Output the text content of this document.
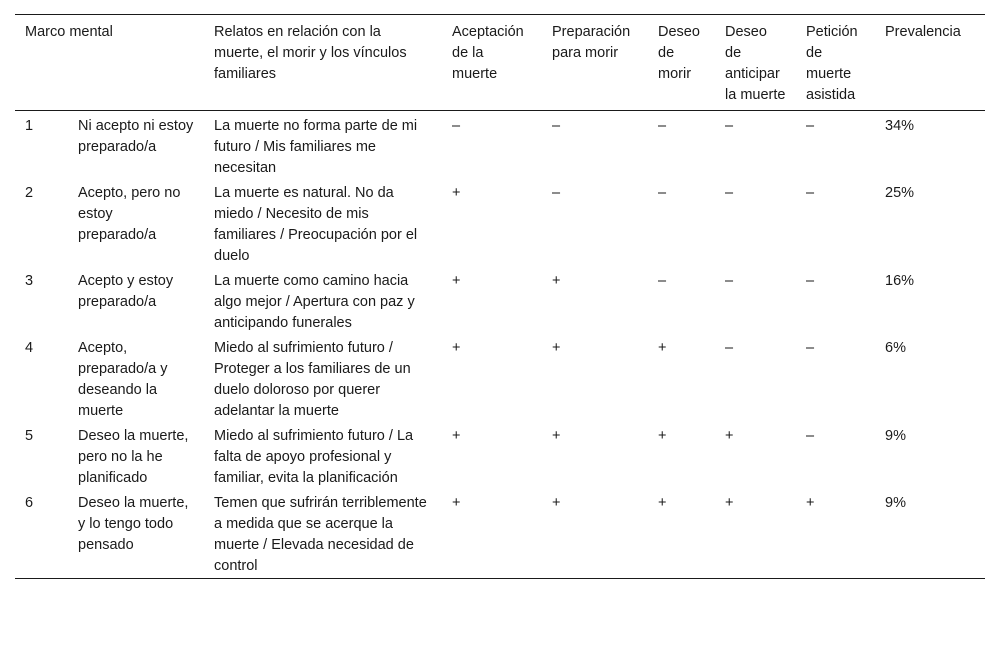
Marco mental		Relatos en relación con la muerte, el morir y los vínculos familiares	Aceptación de la muerte	Preparación para morir	Deseo de morir	Deseo de anticipar la muerte	Petición de muerte asistida	Prevalencia
1	Ni acepto ni estoy preparado/a	La muerte no forma parte de mi futuro / Mis familiares me necesitan	–	–	–	–	–	34%
2	Acepto, pero no estoy preparado/a	La muerte es natural. No da miedo / Necesito de mis familiares / Preocupación por el duelo	+	–	–	–	–	25%
3	Acepto y estoy preparado/a	La muerte como camino hacia algo mejor / Apertura con paz y anticipando funerales	+	+	–	–	–	16%
4	Acepto, preparado/a y deseando la muerte	Miedo al sufrimiento futuro / Proteger a los familiares de un duelo doloroso por querer adelantar la muerte	+	+	+	–	–	6%
5	Deseo la muerte, pero no la he planificado	Miedo al sufrimiento futuro / La falta de apoyo profesional y familiar, evita la planificación	+	+	+	+	–	9%
6	Deseo la muerte, y lo tengo todo pensado	Temen que sufrirán terriblemente a medida que se acerque la muerte / Elevada necesidad de control	+	+	+	+	+	9%
